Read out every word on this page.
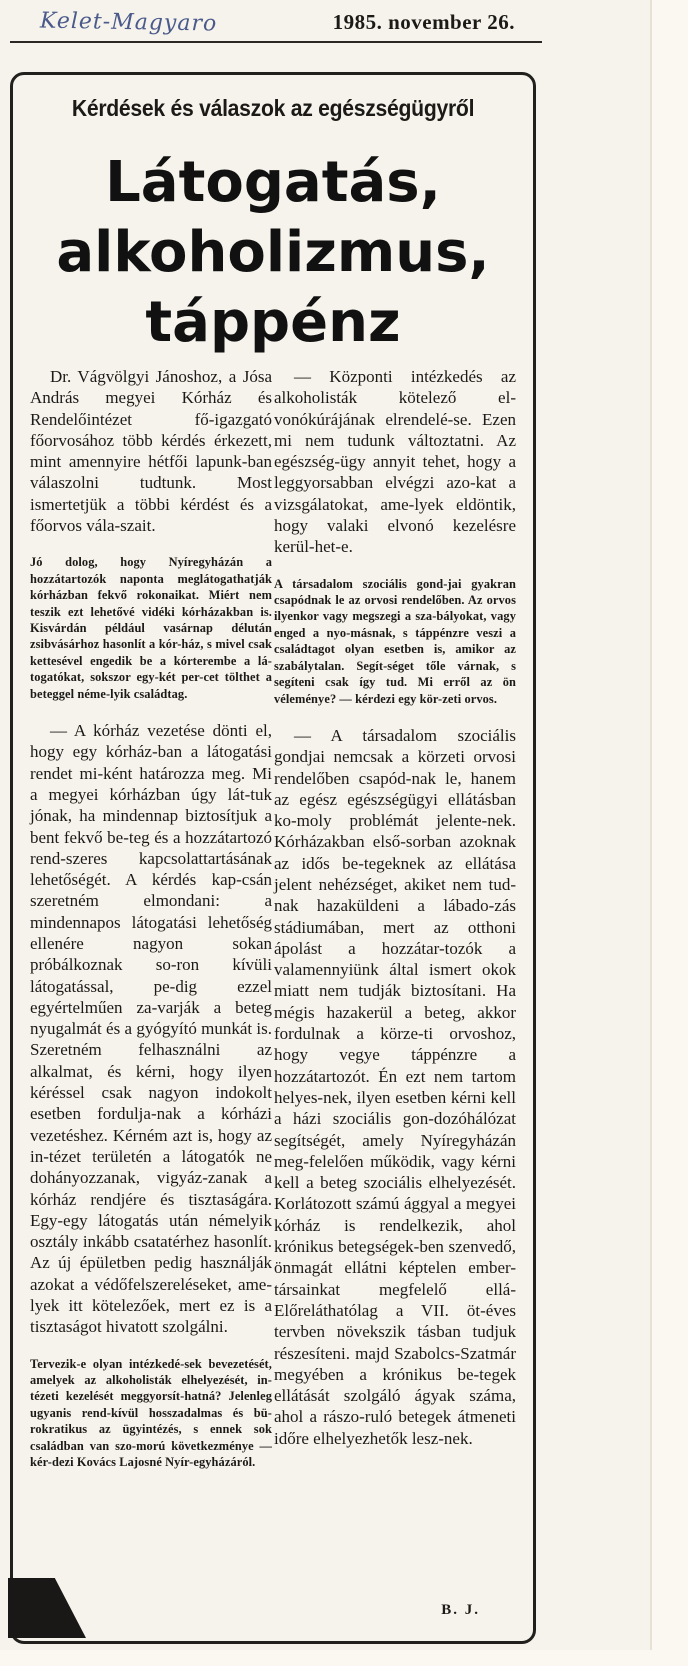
Kelet-Magyaro	1985. november 26.
Kérdések és válaszok az egészségügyről
Látogatás,
alkoholizmus,
táppénz

Dr. Vágvölgyi Jánoshoz, a Jósa András megyei Kórház és Rendelőintézet fő-igazgató főorvosához több kérdés érkezett, mint amennyire hétfői lapunk-ban válaszolni tudtunk. Most ismertetjük a többi kérdést és a főorvos vála-szait.

Jó dolog, hogy Nyíregyházán a hozzátartozók naponta meglátogathatják kórházban fekvő rokonaikat. Miért nem teszik ezt lehetővé vidéki kórházakban is. Kisvárdán például vasárnap délután zsibvásárhoz hasonlít a kór-ház, s mivel csak kettesével engedik be a kórterembe a lá-togatókat, sokszor egy-két per-cet tölthet a beteggel néme-lyik családtag.

— A kórház vezetése dönti el, hogy egy kórház-ban a látogatási rendet mi-ként határozza meg. Mi a megyei kórházban úgy lát-tuk jónak, ha mindennap biztosítjuk a bent fekvő be-teg és a hozzátartozó rend-szeres kapcsolattartásának lehetőségét. A kérdés kap-csán szeretném elmondani: a mindennapos látogatási lehetőség ellenére nagyon sokan próbálkoznak so-ron kívüli látogatással, pe-dig ezzel egyértelműen za-varják a beteg nyugalmát és a gyógyító munkát is. Szeretném felhasználni az alkalmat, és kérni, hogy ilyen kéréssel csak nagyon indokolt esetben fordulja-nak a kórházi vezetéshez. Kérném azt is, hogy az in-tézet területén a látogatók ne dohányozzanak, vigyáz-zanak a kórház rendjére és tisztaságára. Egy-egy látogatás után némelyik osztály inkább csatatérhez hasonlít. Az új épületben pedig használják azokat a védőfelszereléseket, ame-lyek itt kötelezőek, mert ez is a tisztaságot hivatott szolgálni.

Tervezik-e olyan intézkedé-sek bevezetését, amelyek az alkoholisták elhelyezését, in-tézeti kezelését meggyorsít-hatná? Jelenleg ugyanis rend-kívül hosszadalmas és bü-rokratikus az ügyintézés, s ennek sok családban van szo-morú következménye — kér-dezi Kovács Lajosné Nyír-egyházáról.

— Központi intézkedés az alkoholisták kötelező el-vonókúrájának elrendelé-se. Ezen mi nem tudunk változtatni. Az egészség-ügy annyit tehet, hogy a leggyorsabban elvégzi azo-kat a vizsgálatokat, ame-lyek eldöntik, hogy valaki elvonó kezelésre kerül-het-e.

A társadalom szociális gond-jai gyakran csapódnak le az orvosi rendelőben. Az orvos ilyenkor vagy megszegi a sza-bályokat, vagy enged a nyo-másnak, s táppénzre veszi a családtagot olyan esetben is, amikor az szabálytalan. Segít-séget tőle várnak, s segíteni csak így tud. Mi erről az ön véleménye? — kérdezi egy kör-zeti orvos.

— A társadalom szociális gondjai nemcsak a körzeti orvosi rendelőben csapód-nak le, hanem az egész egészségügyi ellátásban ko-moly problémát jelente-nek. Kórházakban első-sorban azoknak az idős be-tegeknek az ellátása jelent nehézséget, akiket nem tud-nak hazaküldeni a lábado-zás stádiumában, mert az otthoni ápolást a hozzátar-tozók a valamennyiünk által ismert okok miatt nem tudják biztosítani. Ha mégis hazakerül a beteg, akkor fordulnak a körze-ti orvoshoz, hogy vegye táppénzre a hozzátartozót. Én ezt nem tartom helyes-nek, ilyen esetben kérni kell a házi szociális gon-dozóhálózat segítségét, amely Nyíregyházán meg-felelően működik, vagy kérni kell a beteg szociális elhelyezését. Korlátozott számú ággyal a megyei kórház is rendelkezik, ahol krónikus betegségek-ben szenvedő, önmagát ellátni képtelen ember-társainkat megfelelő ellá-Előreláthatólag a VII. öt-éves tervben növekszik tásban tudjuk részesíteni. majd Szabolcs-Szatmár megyében a krónikus be-tegek ellátását szolgáló ágyak száma, ahol a rászo-ruló betegek átmeneti időre elhelyezhetők lesz-nek.

B. J.
